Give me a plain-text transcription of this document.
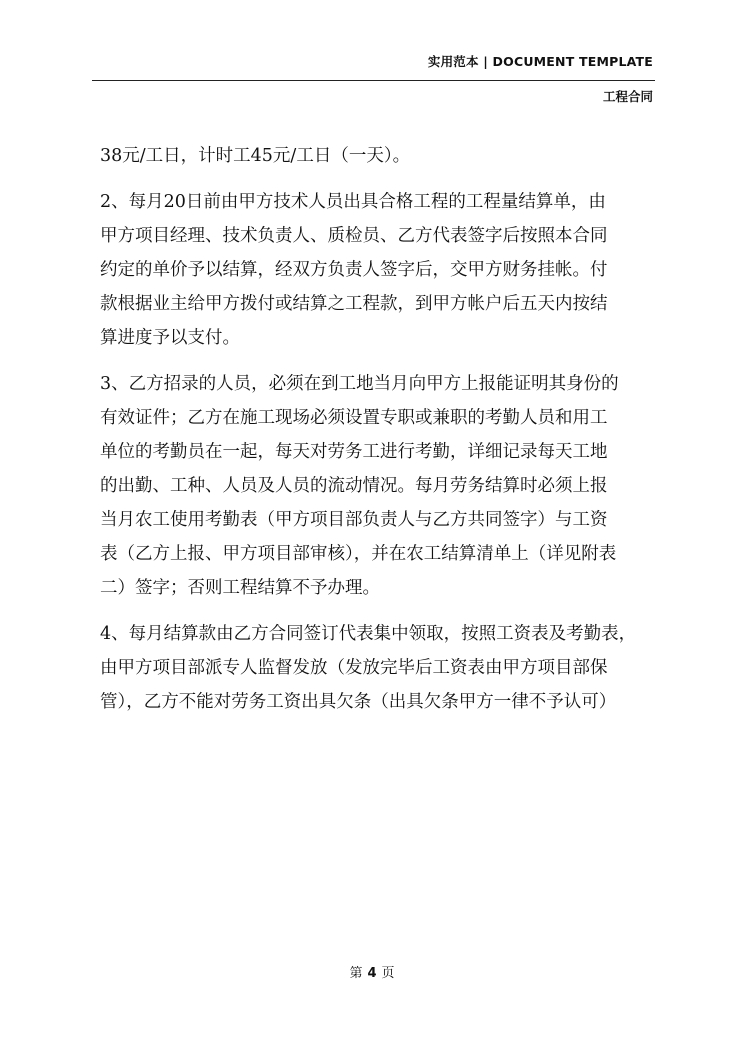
实用范本 | DOCUMENT TEMPLATE
工程合同
38元/工日，计时工45元/工日（一天）。
2、每月20日前由甲方技术人员出具合格工程的工程量结算单，由
甲方项目经理、技术负责人、质检员、乙方代表签字后按照本合同
约定的单价予以结算，经双方负责人签字后，交甲方财务挂帐。付
款根据业主给甲方拨付或结算之工程款，到甲方帐户后五天内按结
算进度予以支付。
3、乙方招录的人员，必须在到工地当月向甲方上报能证明其身份的
有效证件；乙方在施工现场必须设置专职或兼职的考勤人员和用工
单位的考勤员在一起，每天对劳务工进行考勤，详细记录每天工地
的出勤、工种、人员及人员的流动情况。每月劳务结算时必须上报
当月农工使用考勤表（甲方项目部负责人与乙方共同签字）与工资
表（乙方上报、甲方项目部审核），并在农工结算清单上（详见附表
二）签字；否则工程结算不予办理。
4、每月结算款由乙方合同签订代表集中领取，按照工资表及考勤表，
由甲方项目部派专人监督发放（发放完毕后工资表由甲方项目部保
管），乙方不能对劳务工资出具欠条（出具欠条甲方一律不予认可）
第 4 页
